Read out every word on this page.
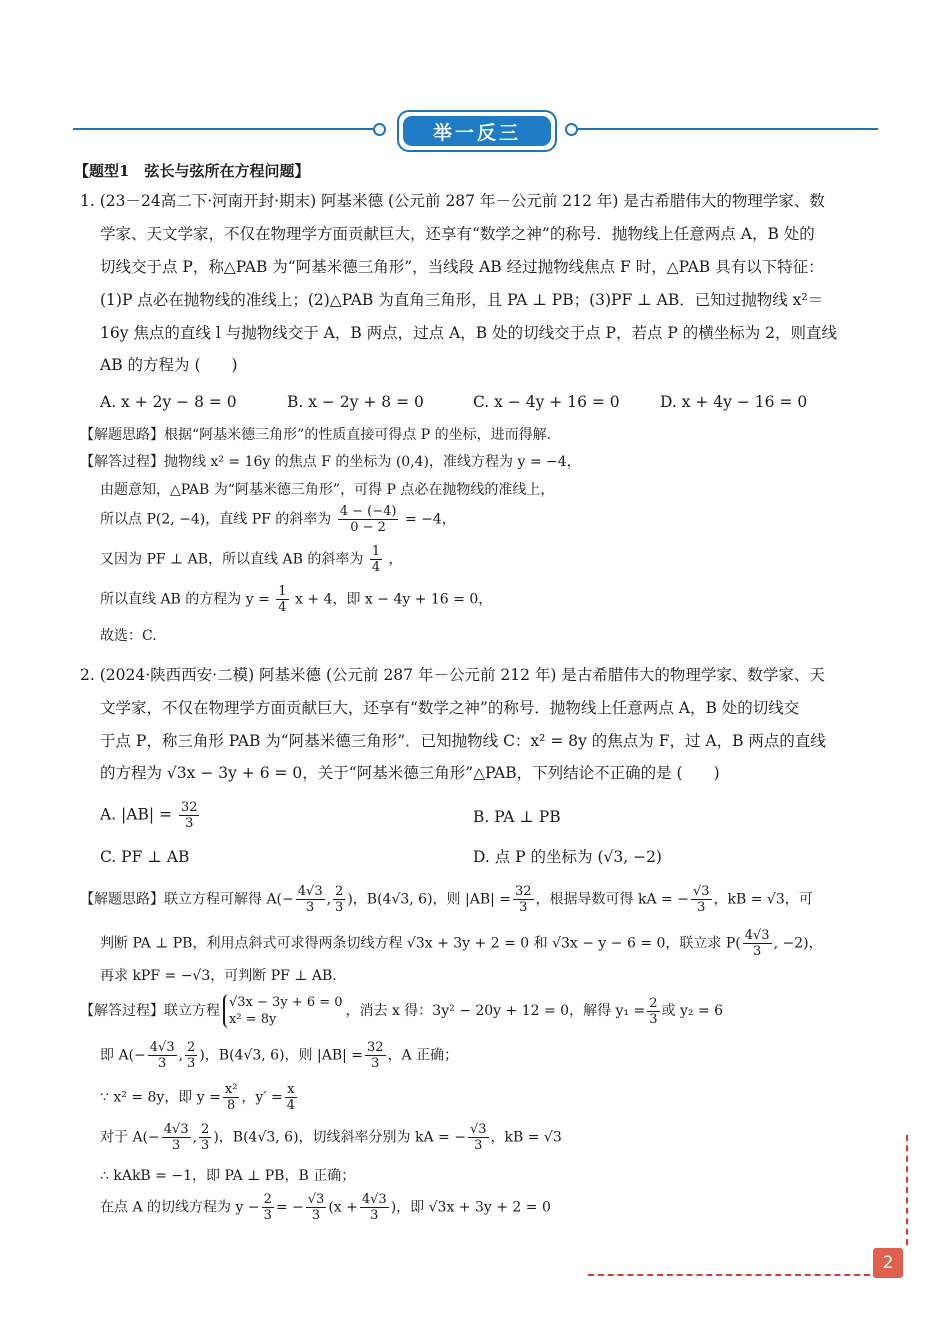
举一反三
【题型1　弦长与弦所在方程问题】
1. (23－24高二下·河南开封·期末) 阿基米德 (公元前 287 年－公元前 212 年) 是古希腊伟大的物理学家、数
学家、天文学家，不仅在物理学方面贡献巨大，还享有“数学之神”的称号．抛物线上任意两点 A，B 处的
切线交于点 P，称△PAB 为“阿基米德三角形”，当线段 AB 经过抛物线焦点 F 时，△PAB 具有以下特征：
(1)P 点必在抛物线的准线上；(2)△PAB 为直角三角形，且 PA ⊥ PB；(3)PF ⊥ AB．已知过抛物线 x²＝
16y 焦点的直线 l 与抛物线交于 A，B 两点，过点 A，B 处的切线交于点 P，若点 P 的横坐标为 2，则直线
AB 的方程为 (　　)
A. x + 2y − 8 = 0	B. x − 2y + 8 = 0	C. x − 4y + 16 = 0	D. x + 4y − 16 = 0
【解题思路】根据“阿基米德三角形”的性质直接可得点 P 的坐标，进而得解.
【解答过程】抛物线 x² = 16y 的焦点 F 的坐标为 (0,4)，准线方程为 y = −4，
由题意知，△PAB 为“阿基米德三角形”，可得 P 点必在抛物线的准线上，
所以点 P(2, −4)，直线 PF 的斜率为 $\frac{4 - (-4)}{0 - 2} = -4$，
又因为 PF ⊥ AB，所以直线 AB 的斜率为 $\frac{1}{4}$ ，
所以直线 AB 的方程为 $y = \frac{1}{4}$ x + 4，即 x − 4y + 16 = 0，
故选：C.
2. (2024·陕西西安·二模) 阿基米德 (公元前 287 年－公元前 212 年) 是古希腊伟大的物理学家、数学家、天
文学家，不仅在物理学方面贡献巨大，还享有“数学之神”的称号．抛物线上任意两点 A，B 处的切线交
于点 P，称三角形 PAB 为“阿基米德三角形”．已知抛物线 C：x² = 8y 的焦点为 F，过 A，B 两点的直线
的方程为 √3x − 3y + 6 = 0，关于“阿基米德三角形”△PAB，下列结论不正确的是 (　　)
A. $|AB| = \frac{32}{3}$	B. PA ⊥ PB
C. PF ⊥ AB	D. 点 P 的坐标为 (√3, −2)
【解题思路】联立方程可解得 $A(- \frac{4√3}{3}$ , $\frac{2}{3}$ )，B(4√3, 6)，则 $|AB| = \frac{32}{3}$ ，根据导数可得 kA = − $\frac{√3}{3}$ ，kB = √3，可
判断 PA ⊥ PB，利用点斜式可求得两条切线方程 √3x + 3y + 2 = 0 和 √3x − y − 6 = 0，联立求 $P( \frac{4√3}{3}$ , −2)，
再求 kPF = −√3，可判断 PF ⊥ AB.
【解答过程】联立方程
√3x − 3y + 6 = 0
x² = 8y
，消去 x 得：3y² − 20y + 12 = 0，解得 $y_1 = \frac{2}{3}$ 或 y₂ = 6
即 $A(- \frac{4√3}{3}$ , $\frac{2}{3}$ )，B(4√3, 6)，则 $|AB| = \frac{32}{3}$ ，A 正确；
∵ x² = 8y，即 $y = \frac{\text{x²}}{8}$ ，$y' = \frac{x}{4}$
对于 $A(- \frac{4√3}{3}$ , $\frac{2}{3}$ )，B(4√3, 6)，切线斜率分别为 kA = − $\frac{√3}{3}$ ，kB = √3
∴ kAkB = −1，即 PA ⊥ PB，B 正确；
在点 A 的切线方程为 $y - \frac{2}{3}$ = − $\frac{√3}{3} (x + \frac{4√3}{3}$ )，即 √3x + 3y + 2 = 0
2
